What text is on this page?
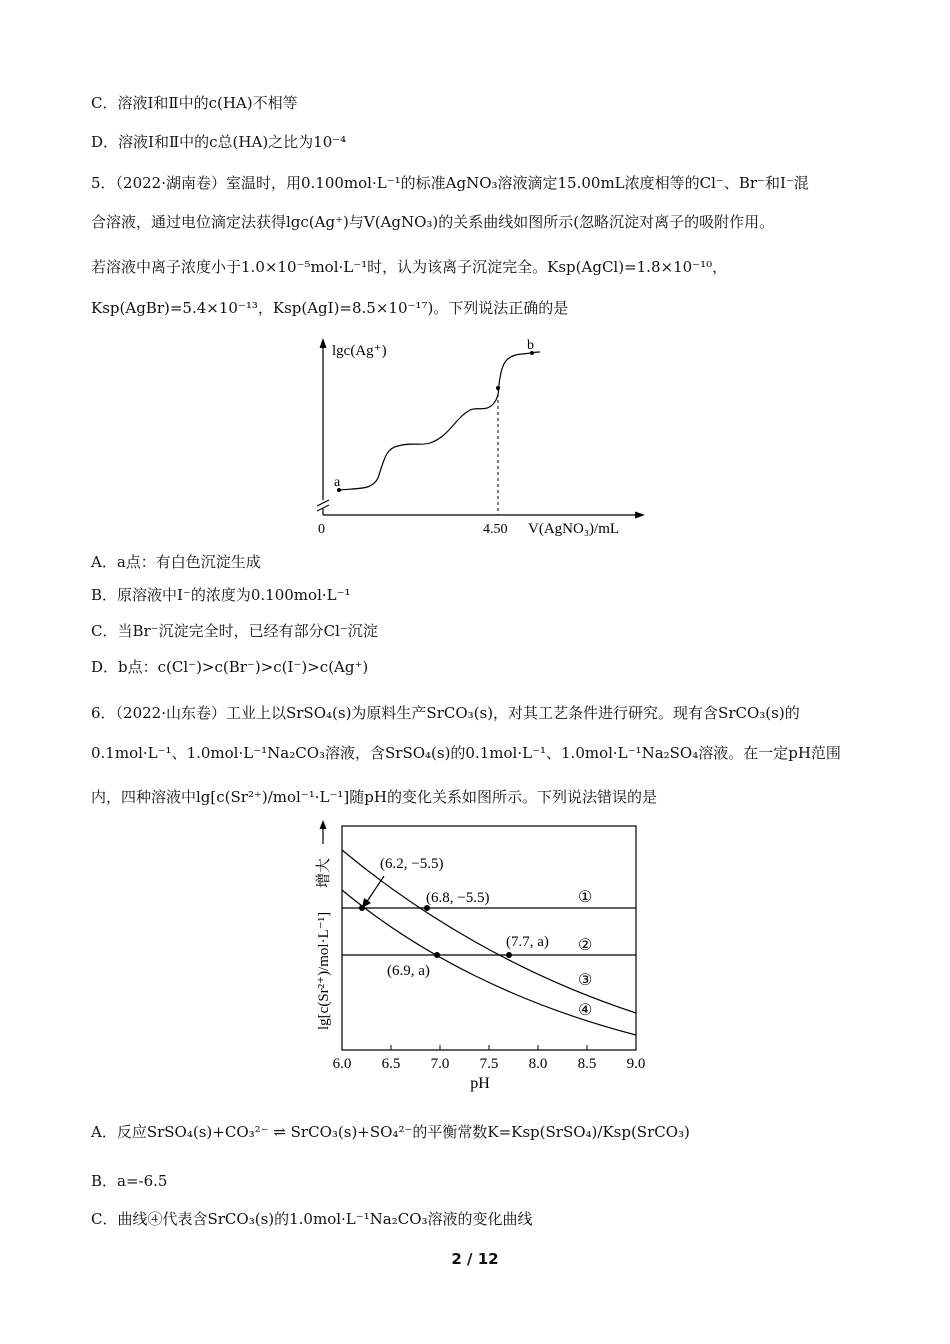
C．溶液Ⅰ和Ⅱ中的c(HA)不相等
D．溶液Ⅰ和Ⅱ中的c总(HA)之比为10⁻⁴
5．（2022·湖南卷）室温时，用0.100mol·L⁻¹的标准AgNO₃溶液滴定15.00mL浓度相等的Cl⁻、Br⁻和I⁻混
合溶液，通过电位滴定法获得lgc(Ag⁺)与V(AgNO₃)的关系曲线如图所示(忽略沉淀对离子的吸附作用。
若溶液中离子浓度小于1.0×10⁻⁵mol·L⁻¹时，认为该离子沉淀完全。Ksp(AgCl)=1.8×10⁻¹⁰，
Ksp(AgBr)=5.4×10⁻¹³，Ksp(AgI)=8.5×10⁻¹⁷)。下列说法正确的是
a
b
lgc(Ag⁺)
0	4.50 V(AgNO₃)/mL
A．a点：有白色沉淀生成
B．原溶液中I⁻的浓度为0.100mol·L⁻¹
C．当Br⁻沉淀完全时，已经有部分Cl⁻沉淀
D．b点：c(Cl⁻)>c(Br⁻)>c(I⁻)>c(Ag⁺)
6．（2022·山东卷）工业上以SrSO₄(s)为原料生产SrCO₃(s)，对其工艺条件进行研究。现有含SrCO₃(s)的
0.1mol·L⁻¹、1.0mol·L⁻¹Na₂CO₃溶液，含SrSO₄(s)的0.1mol·L⁻¹、1.0mol·L⁻¹Na₂SO₄溶液。在一定pH范围
内，四种溶液中lg[c(Sr²⁺)/mol⁻¹·L⁻¹]随pH的变化关系如图所示。下列说法错误的是
(6.2, −5.5)
(6.8, −5.5)
(7.7, a)
(6.9, a)
①
②
③
④
6.0 6.5 7.0 7.5 8.0 8.5 9.0
pH
lg[c(Sr²⁺)/mol·L⁻¹]
增大
A．反应SrSO₄(s)+CO₃²⁻ ⇌ SrCO₃(s)+SO₄²⁻的平衡常数K=Ksp(SrSO₄)/Ksp(SrCO₃)
B．a=-6.5
C．曲线④代表含SrCO₃(s)的1.0mol·L⁻¹Na₂CO₃溶液的变化曲线
2 / 12
